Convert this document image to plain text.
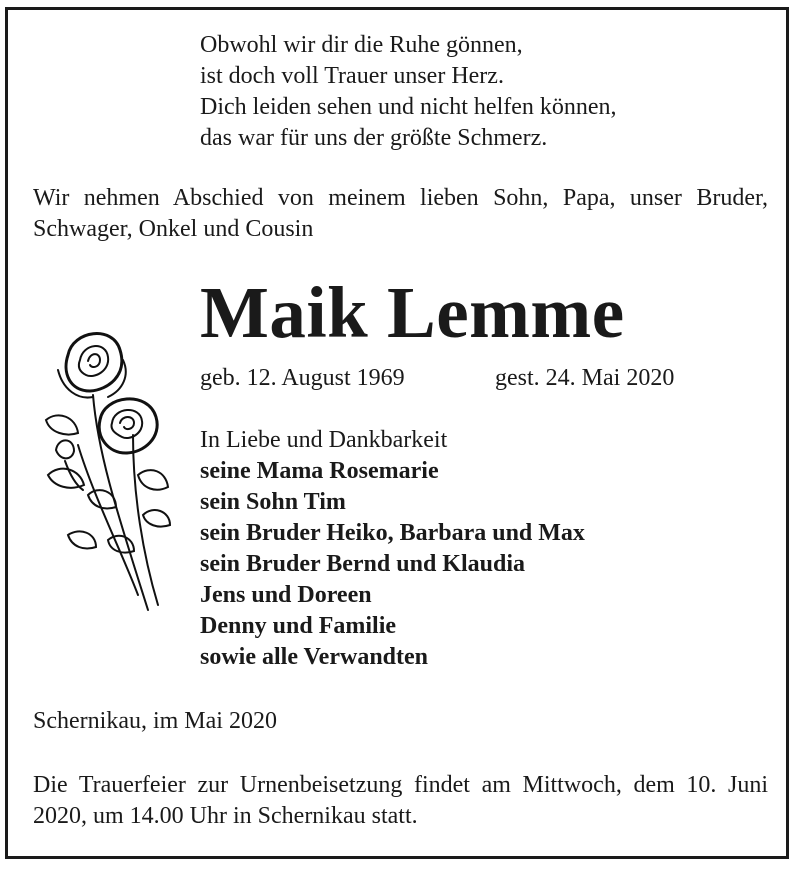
Obwohl wir dir die Ruhe gönnen,
ist doch voll Trauer unser Herz.
Dich leiden sehen und nicht helfen können,
das war für uns der größte Schmerz.
Wir nehmen Abschied von meinem lieben Sohn, Papa, unser Bruder, Schwager, Onkel und Cousin
Maik Lemme
geb. 12. August 1969	gest. 24. Mai 2020
In Liebe und Dankbarkeit
seine Mama Rosemarie
sein Sohn Tim
sein Bruder Heiko, Barbara und Max
sein Bruder Bernd und Klaudia
Jens und Doreen
Denny und Familie
sowie alle Verwandten
Schernikau, im Mai 2020
Die Trauerfeier zur Urnenbeisetzung findet am Mittwoch, dem 10. Juni 2020, um 14.00 Uhr in Schernikau statt.
